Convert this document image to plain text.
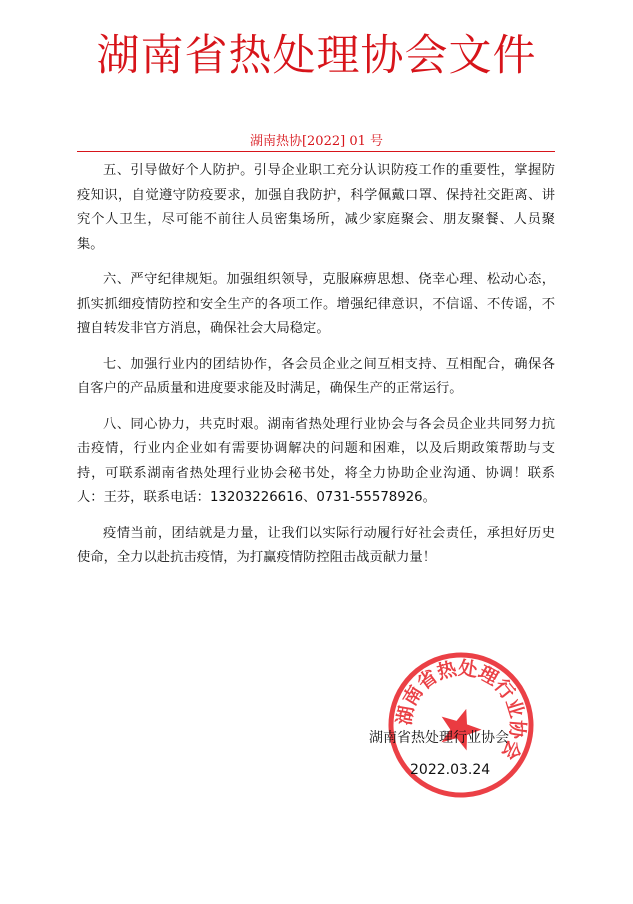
湖南省热处理协会文件
湖南热协[2022] 01 号

五、引导做好个人防护。引导企业职工充分认识防疫工作的重要性，掌握防疫知识，自觉遵守防疫要求，加强自我防护，科学佩戴口罩、保持社交距离、讲究个人卫生，尽可能不前往人员密集场所，减少家庭聚会、朋友聚餐、人员聚集。

六、严守纪律规矩。加强组织领导，克服麻痹思想、侥幸心理、松动心态，抓实抓细疫情防控和安全生产的各项工作。增强纪律意识，不信谣、不传谣，不擅自转发非官方消息，确保社会大局稳定。

七、加强行业内的团结协作，各会员企业之间互相支持、互相配合，确保各自客户的产品质量和进度要求能及时满足，确保生产的正常运行。

八、同心协力，共克时艰。湖南省热处理行业协会与各会员企业共同努力抗击疫情，行业内企业如有需要协调解决的问题和困难，以及后期政策帮助与支持，可联系湖南省热处理行业协会秘书处，将全力协助企业沟通、协调！联系人：王芬，联系电话：13203226616、0731-55578926。

疫情当前，团结就是力量，让我们以实际行动履行好社会责任，承担好历史使命，全力以赴抗击疫情，为打赢疫情防控阻击战贡献力量！

湖南省热处理行业协会
湖南省热处理行业协会
2022.03.24
